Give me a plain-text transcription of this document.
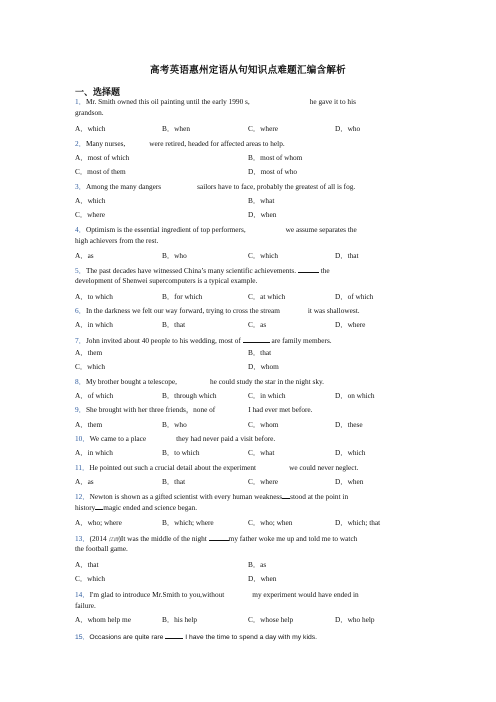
高考英语惠州定语从句知识点难题汇编含解析
一、选择题
1．Mr. Smith owned this oil painting until the early 1990 s,	he gave it to his
grandson.
A．which	B．when	C．where	D．who
2．Many nurses,	were retired, headed for affected areas to help.
A．most of which	B．most of whom
C．most of them	D．most of who
3．Among the many dangers	sailors have to face, probably the greatest of all is fog.
A．which	B．what
C．where	D．when
4．Optimism is the essential ingredient of top performers,	we assume separates the
high achievers from the rest.
A．as	B．who	C．which	D．that
5．The past decades have witnessed China’s many scientific achievements.	the
development of Shenwei supercomputers is a typical example.
A．to which	B．for which	C．at which	D．of which
6．In the darkness we felt our way forward, trying to cross the stream	it was shallowest.
A．in which	B．that	C．as	D．where
7．John invited about 40 people to his wedding, most of	are family members.
A．them	B．that
C．which	D．whom
8．My brother bought a telescope,	he could study the star in the night sky.
A．of which	B．through which	C．in which	D．on which
9．She brought with her three friends，none of	I had ever met before.
A．them	B．who	C．whom	D．these
10．We came to a place	they had never paid a visit before.
A．in which	B．to which	C．what	D．which
11．He pointed out such a crucial detail about the experiment	we could never neglect.
A．as	B．that	C．where	D．when
12．Newton is shown as a gifted scientist with every human weakness stood at the point in
history magic ended and science began.
A．who; where	B．which; where	C．who; when	D．which; that
13．(2014 江西)It was the middle of the night	my father woke me up and told me to watch
the football game.
A．that	B．as
C．which	D．when
14．I'm glad to introduce Mr.Smith to you,without	my experiment would have ended in
failure.
A．whom help me	B．his help	C．whose help	D．who help
15．Occasions are quite rare	I have the time to spend a day with my kids.
